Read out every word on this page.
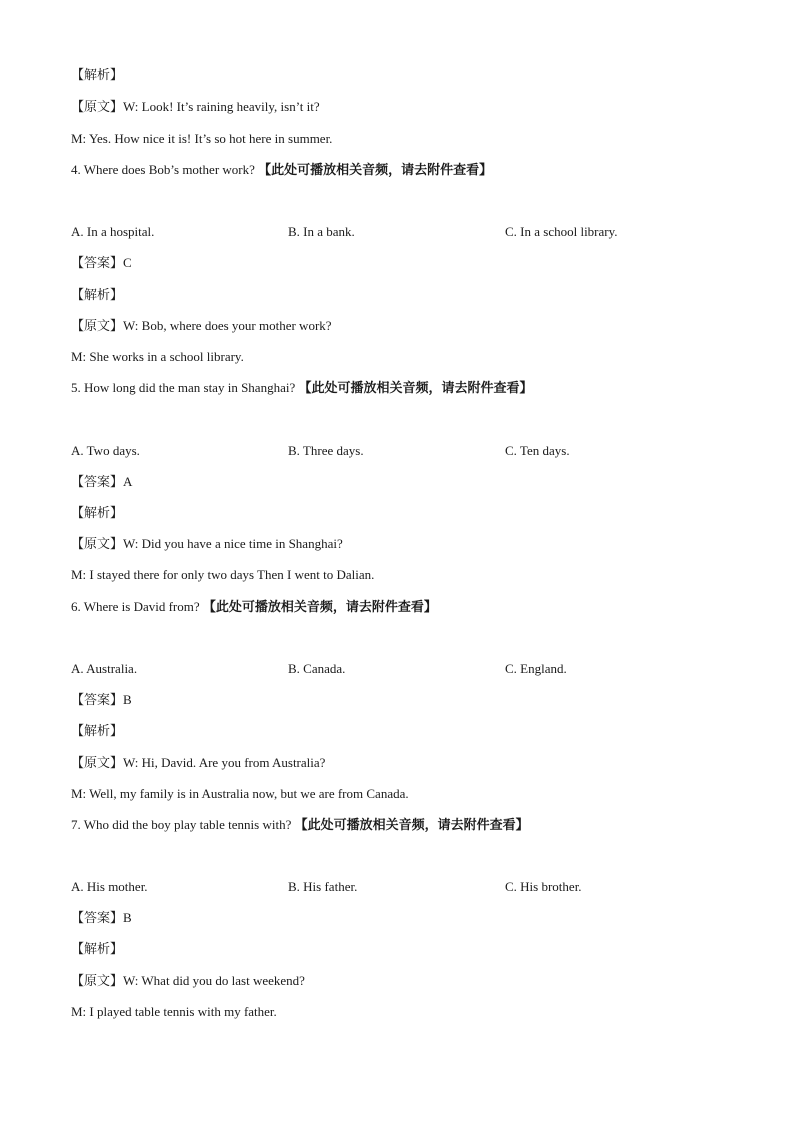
【解析】
【原文】W: Look! It’s raining heavily, isn’t it?
M: Yes. How nice it is! It’s so hot here in summer.
4. Where does Bob’s mother work? 【此处可播放相关音频，请去附件查看】
A. In a hospital.	B. In a bank.	C. In a school library.
【答案】C
【解析】
【原文】W: Bob, where does your mother work?
M: She works in a school library.
5. How long did the man stay in Shanghai? 【此处可播放相关音频，请去附件查看】
A. Two days.	B. Three days.	C. Ten days.
【答案】A
【解析】
【原文】W: Did you have a nice time in Shanghai?
M: I stayed there for only two days Then I went to Dalian.
6. Where is David from? 【此处可播放相关音频，请去附件查看】
A. Australia.	B. Canada.	C. England.
【答案】B
【解析】
【原文】W: Hi, David. Are you from Australia?
M: Well, my family is in Australia now, but we are from Canada.
7. Who did the boy play table tennis with? 【此处可播放相关音频，请去附件查看】
A. His mother.	B. His father.	C. His brother.
【答案】B
【解析】
【原文】W: What did you do last weekend?
M: I played table tennis with my father.
